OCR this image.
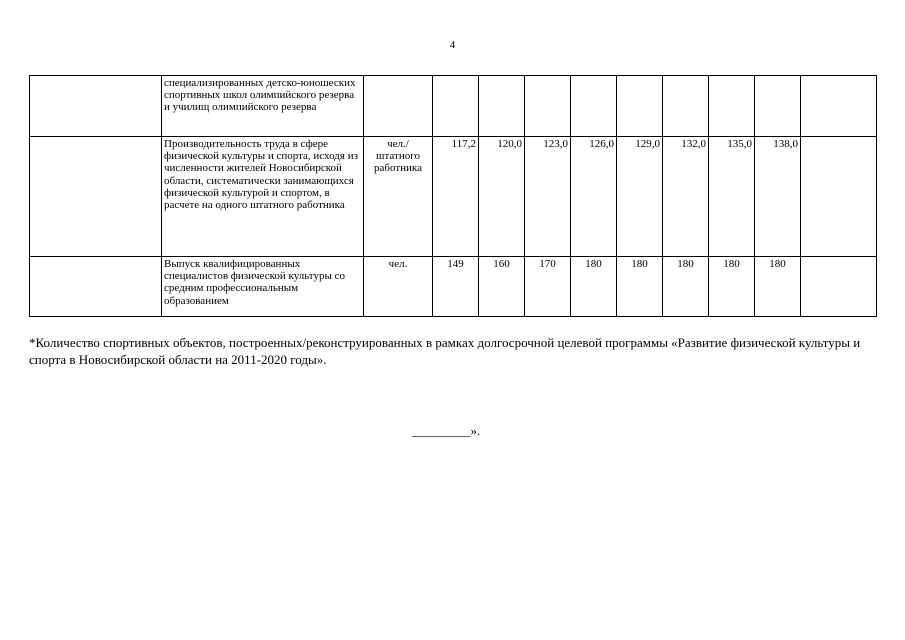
4
	специализированных детско-юношеских спортивных школ олимпийского резерва и училищ олимпийского резерва										
	Производительность труда в сфере физической культуры и спорта, исходя из численности жителей Новосибирской области, систематически занимающихся физической культурой и спортом, в расчете на одного штатного работника	чел./ штатного работника	117,2	120,0	123,0	126,0	129,0	132,0	135,0	138,0	
	Выпуск квалифицированных специалистов физической культуры со средним профессиональным образованием	чел.	149	160	170	180	180	180	180	180	
*Количество спортивных объектов, построенных/реконструированных в рамках долгосрочной целевой программы «Развитие физической культуры и спорта в Новосибирской области на 2011-2020 годы».
_________».
